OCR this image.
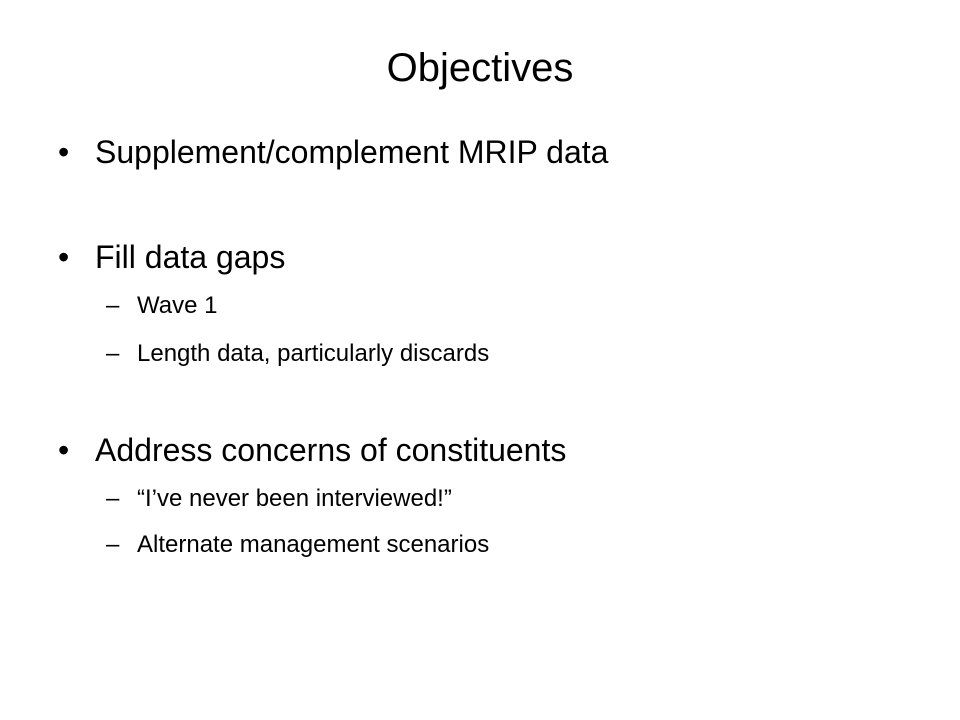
Objectives
• Supplement/complement MRIP data
• Fill data gaps
– Wave 1
– Length data, particularly discards
• Address concerns of constituents
– “I’ve never been interviewed!”
– Alternate management scenarios
